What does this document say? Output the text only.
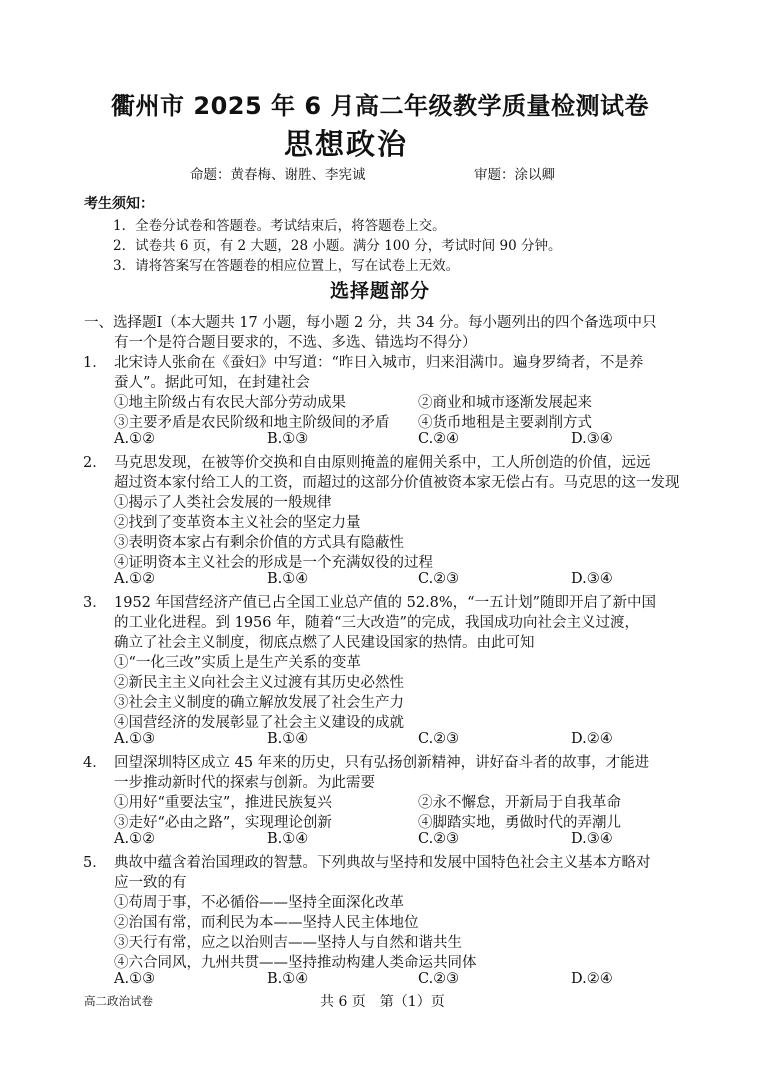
衢州市 2025 年 6 月高二年级教学质量检测试卷
思想政治
命题：黄春梅、谢胜、李宪诚	审题：涂以卿
考生须知：
1．全卷分试卷和答题卷。考试结束后，将答题卷上交。
2．试卷共 6 页，有 2 大题，28 小题。满分 100 分，考试时间 90 分钟。
3．请将答案写在答题卷的相应位置上，写在试卷上无效。
选择题部分
一、选择题Ⅰ（本大题共 17 小题，每小题 2 分，共 34 分。每小题列出的四个备选项中只
有一个是符合题目要求的，不选、多选、错选均不得分）
1． 北宋诗人张俞在《蚕妇》中写道：“昨日入城市，归来泪满巾。遍身罗绮者，不是养
蚕人”。据此可知，在封建社会
①地主阶级占有农民大部分劳动成果	②商业和城市逐渐发展起来
③主要矛盾是农民阶级和地主阶级间的矛盾 ④货币地租是主要剥削方式
A.①②	B.①③	C.②④	D.③④
2． 马克思发现，在被等价交换和自由原则掩盖的雇佣关系中，工人所创造的价值，远远
超过资本家付给工人的工资，而超过的这部分价值被资本家无偿占有。马克思的这一发现
①揭示了人类社会发展的一般规律
②找到了变革资本主义社会的坚定力量
③表明资本家占有剩余价值的方式具有隐蔽性
④证明资本主义社会的形成是一个充满奴役的过程
A.①②	B.①④	C.②③	D.③④
3． 1952 年国营经济产值已占全国工业总产值的 52.8%，“一五计划”随即开启了新中国
的工业化进程。到 1956 年，随着“三大改造”的完成，我国成功向社会主义过渡，
确立了社会主义制度，彻底点燃了人民建设国家的热情。由此可知
①“一化三改”实质上是生产关系的变革
②新民主主义向社会主义过渡有其历史必然性
③社会主义制度的确立解放发展了社会生产力
④国营经济的发展彰显了社会主义建设的成就
A.①③	B.①④	C.②③	D.②④
4． 回望深圳特区成立 45 年来的历史，只有弘扬创新精神，讲好奋斗者的故事，才能进
一步推动新时代的探索与创新。为此需要
①用好“重要法宝”，推进民族复兴	②永不懈怠，开新局于自我革命
③走好“必由之路”，实现理论创新	④脚踏实地，勇做时代的弄潮儿
A.①②	B.①④	C.②③	D.③④
5． 典故中蕴含着治国理政的智慧。下列典故与坚持和发展中国特色社会主义基本方略对
应一致的有
①苟周于事，不必循俗——坚持全面深化改革
②治国有常，而利民为本——坚持人民主体地位
③天行有常，应之以治则吉——坚持人与自然和谐共生
④六合同风，九州共贯——坚持推动构建人类命运共同体
A.①③	B.①④	C.②③	D.②④
高二政治试卷	共 6 页　第（1）页
